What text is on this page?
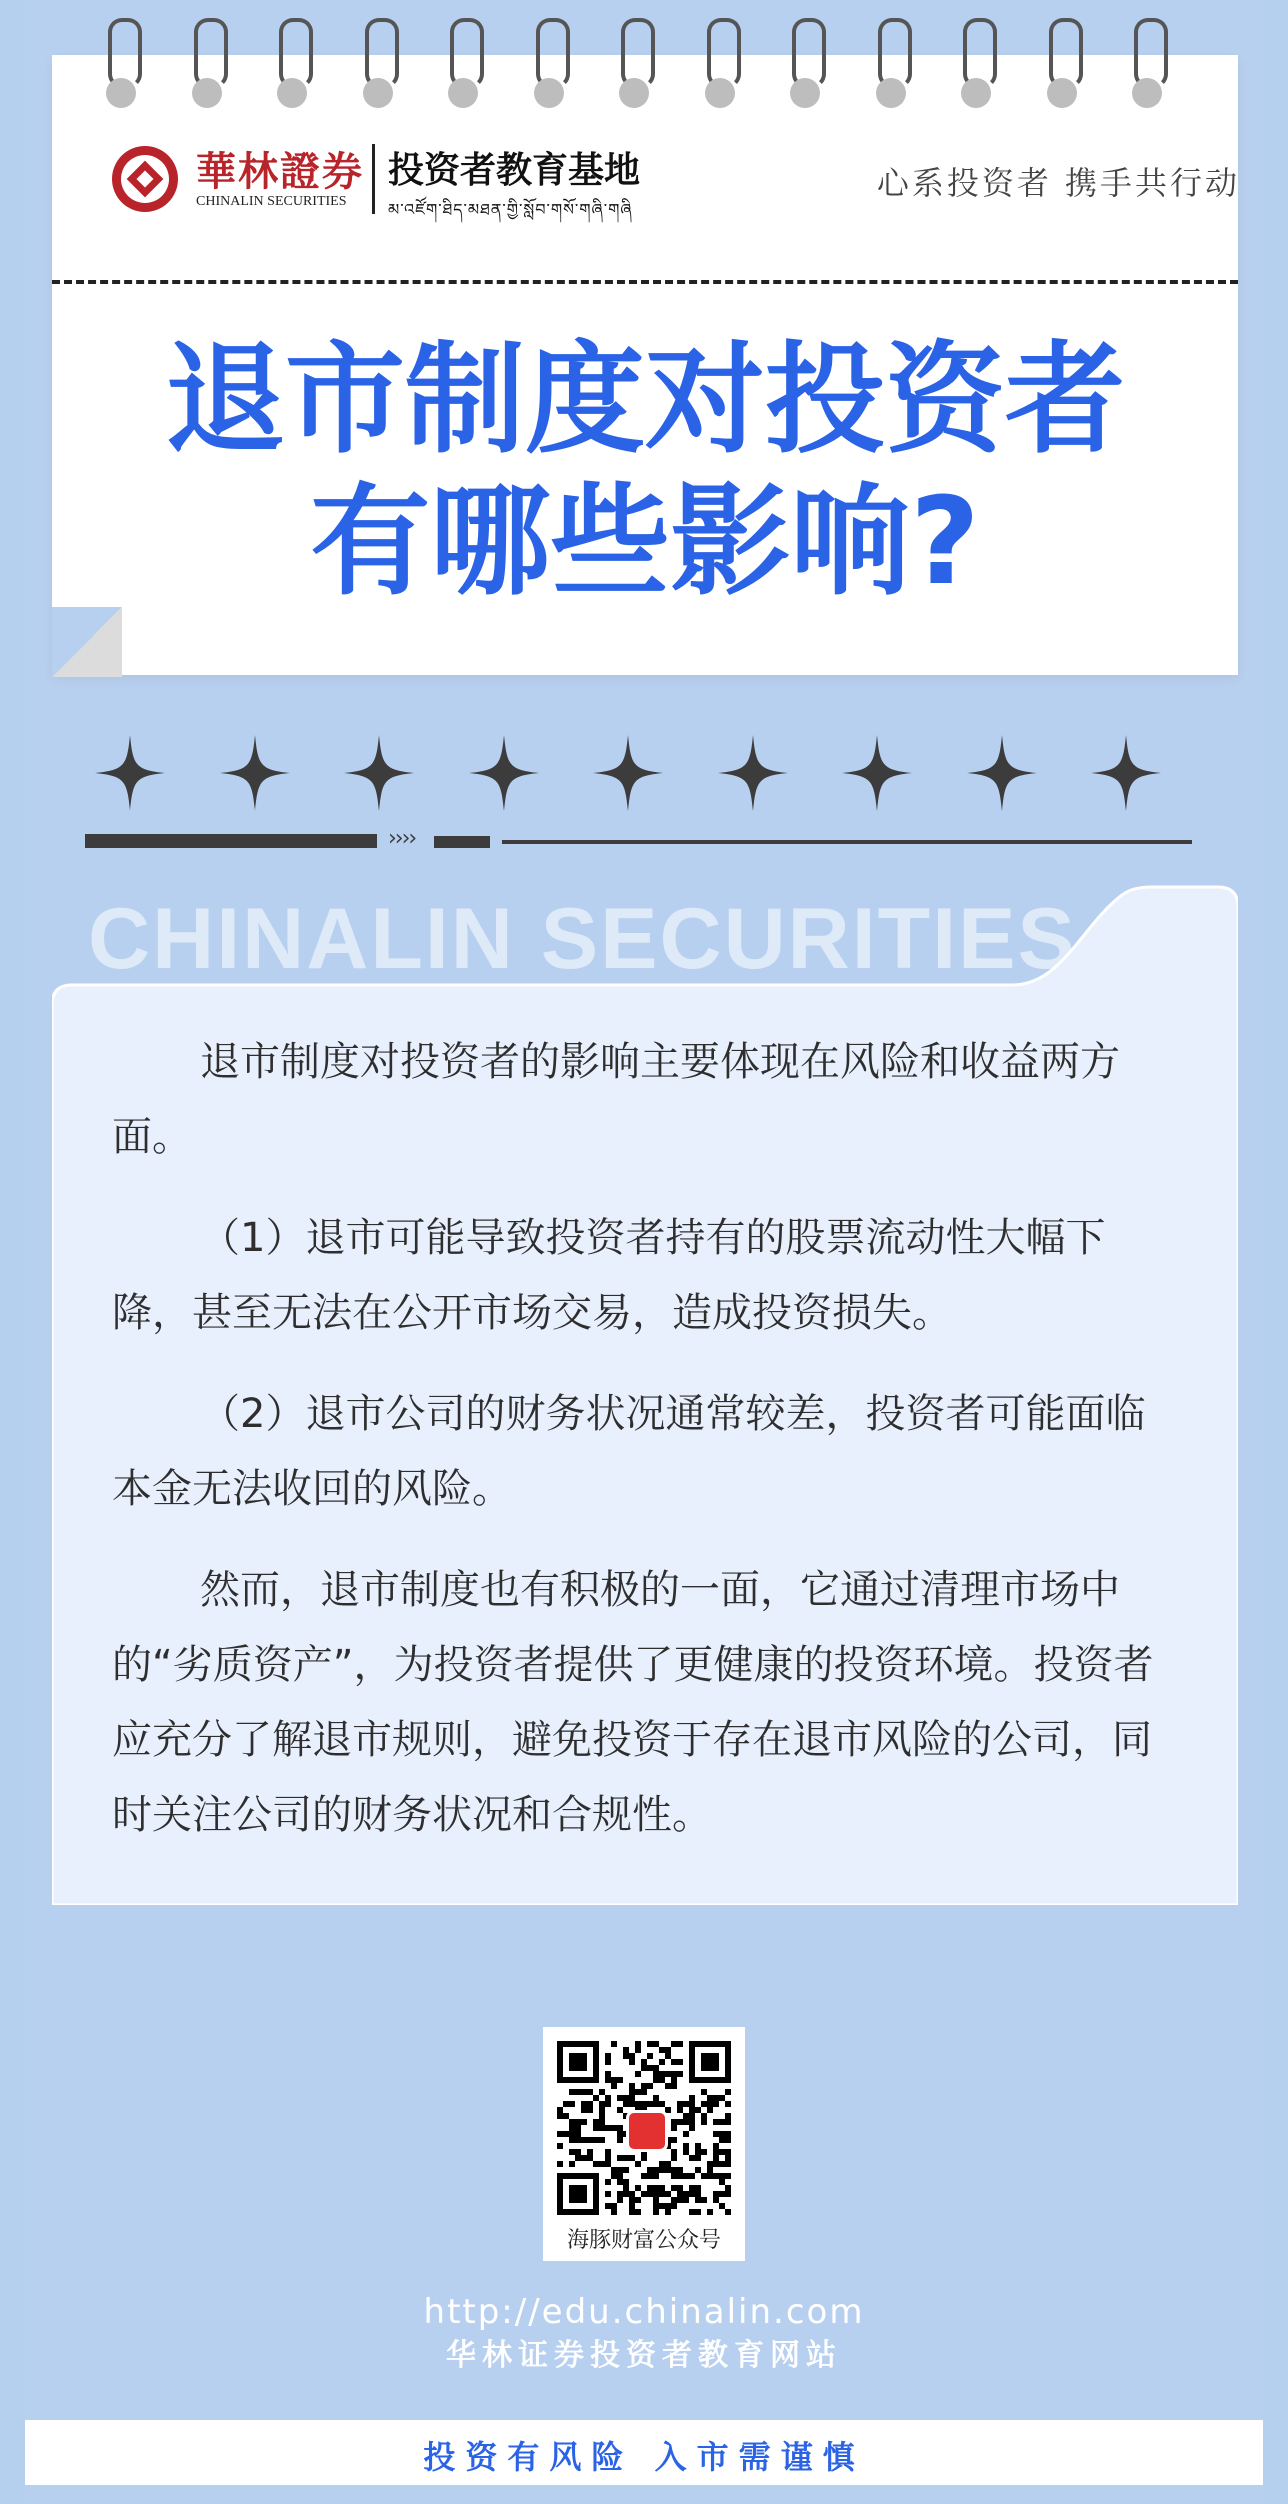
華林證券
CHINALIN SECURITIES
投资者教育基地
མ་འཛོག་ཐིད་མཐན་གྱི་སློབ་གསོ་གཞི་གཞི
心系投资者 携手共行动
退市制度对投资者
有哪些影响?
››››
CHINALIN SECURITIES

退市制度对投资者的影响主要体现在风险和收益两方面。

（1）退市可能导致投资者持有的股票流动性大幅下降，甚至无法在公开市场交易，造成投资损失。

（2）退市公司的财务状况通常较差，投资者可能面临本金无法收回的风险。

然而，退市制度也有积极的一面，它通过清理市场中的“劣质资产”，为投资者提供了更健康的投资环境。投资者应充分了解退市规则，避免投资于存在退市风险的公司，同时关注公司的财务状况和合规性。

海豚财富公众号
http://edu.chinalin.com
华林证券投资者教育网站
投资有风险 入市需谨慎
